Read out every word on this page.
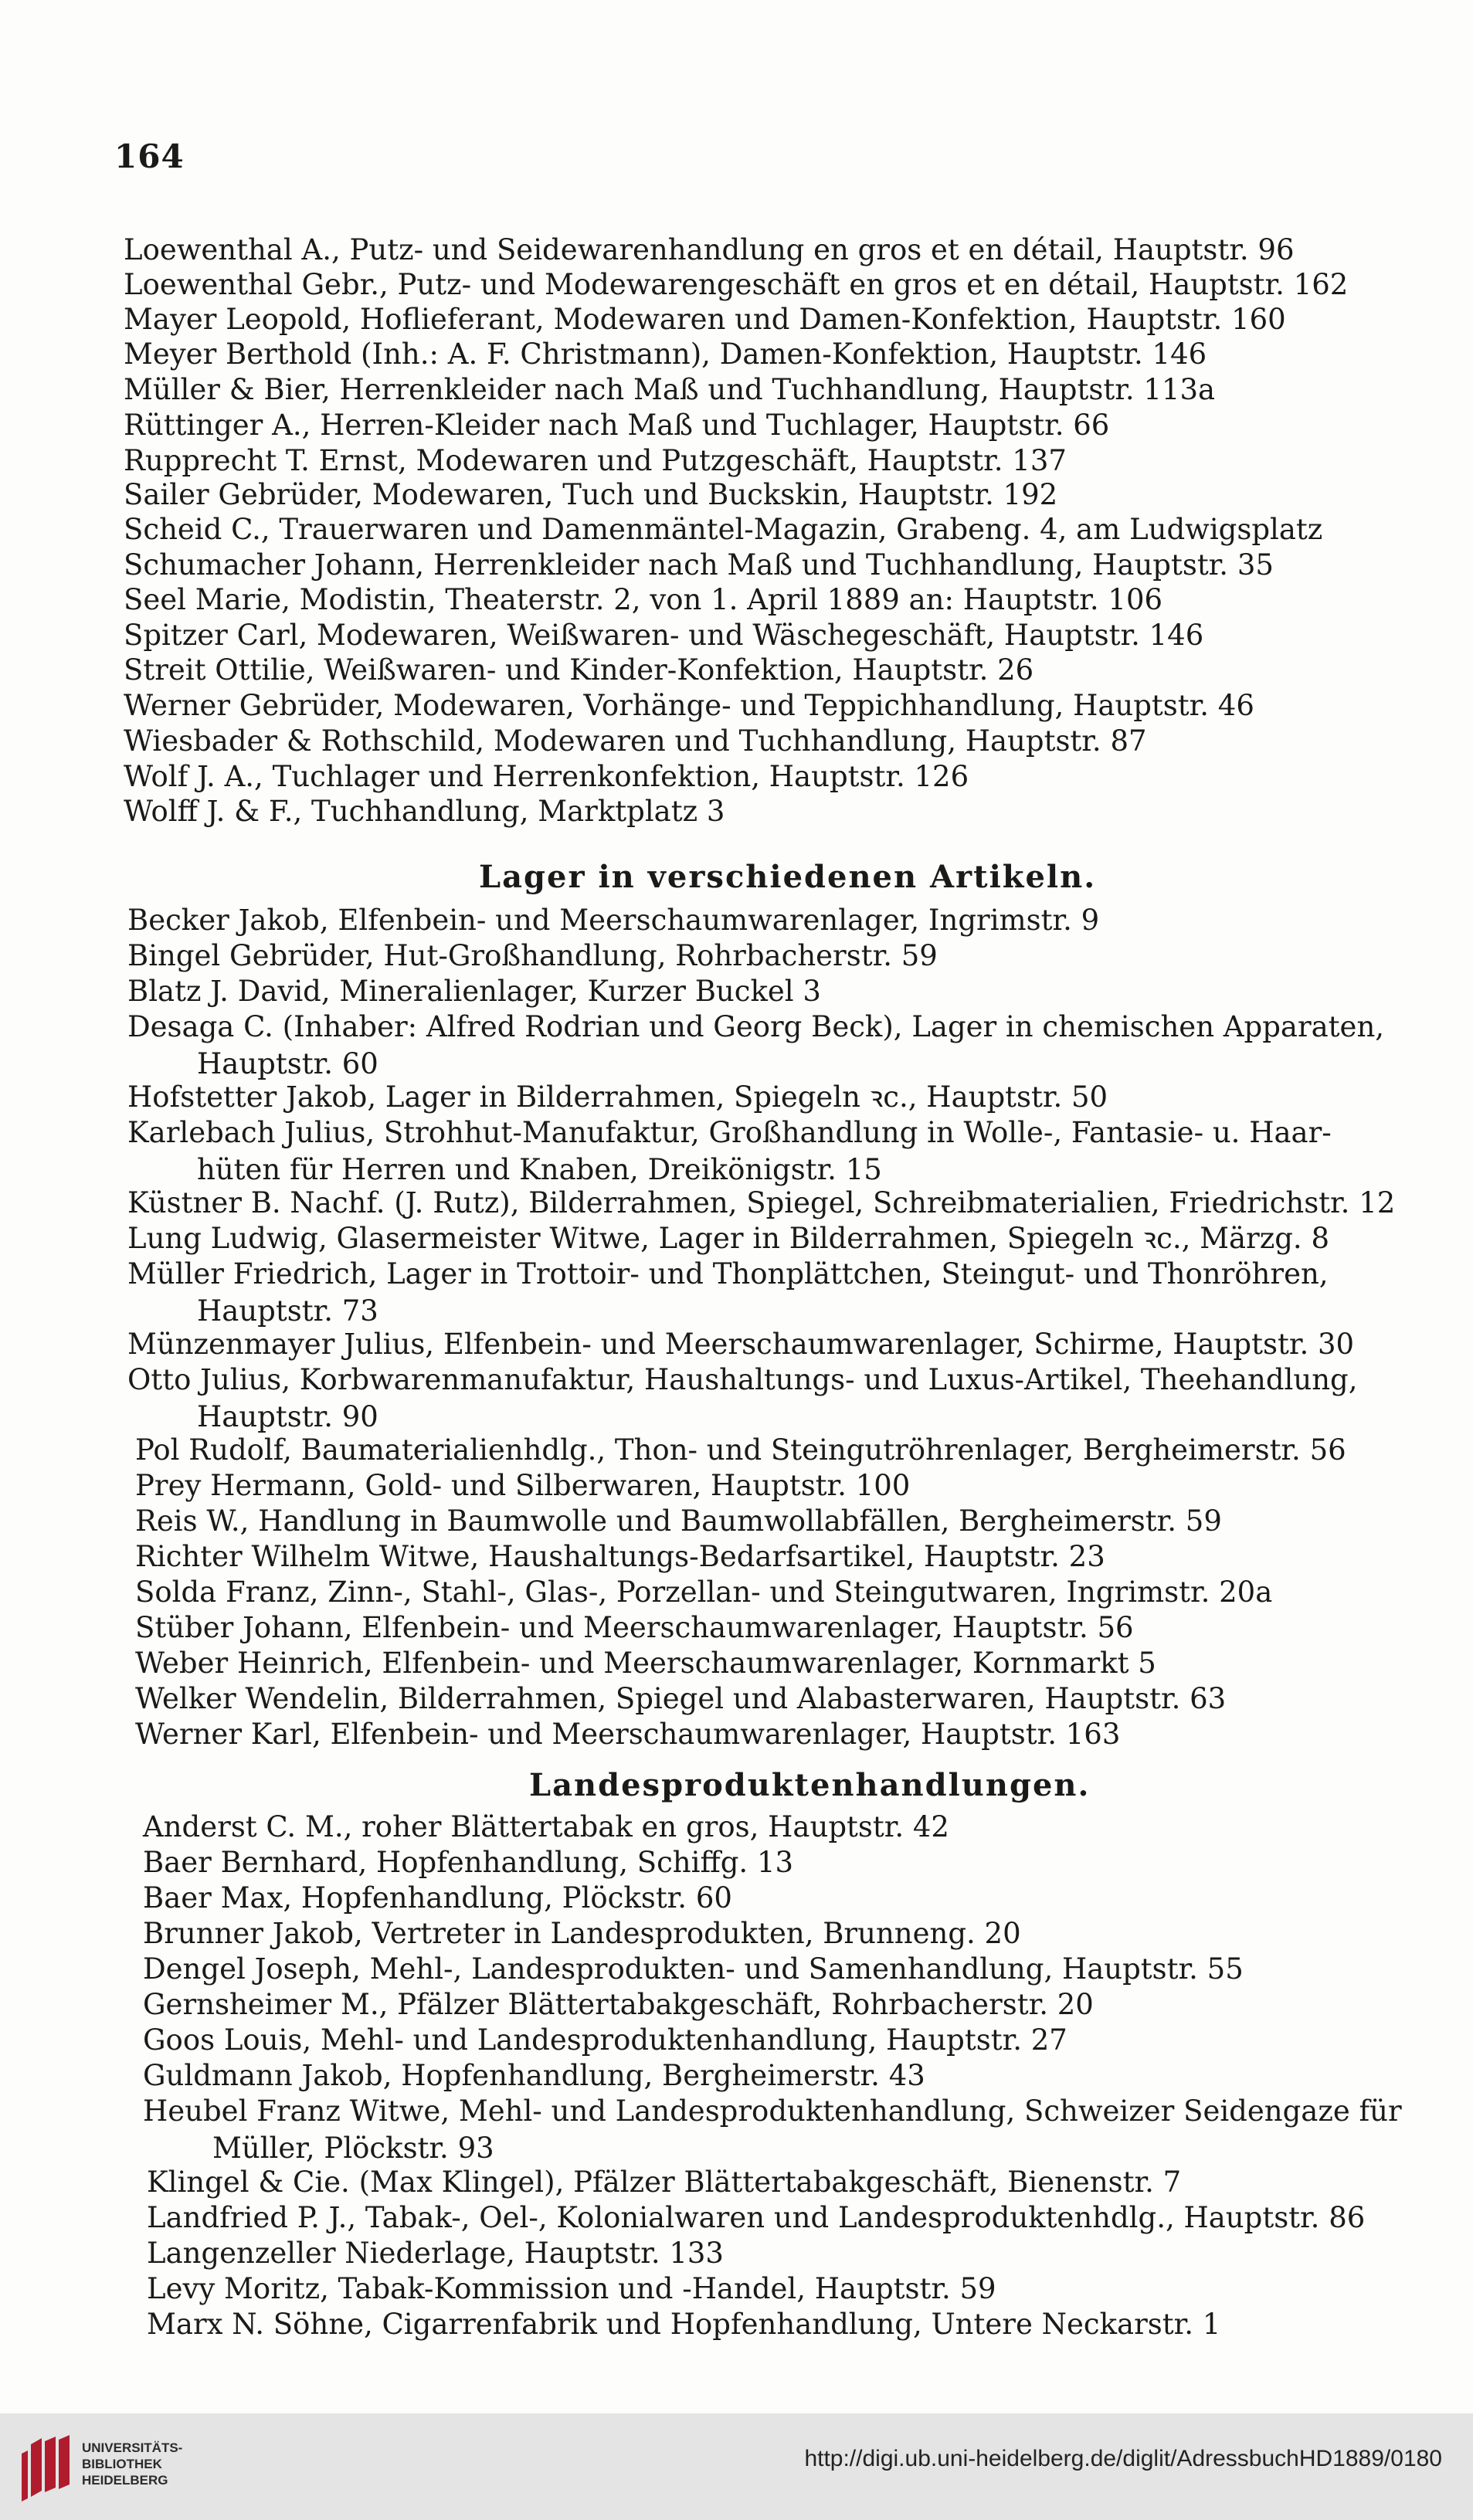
164
Loewenthal A., Putz- und Seidewarenhandlung en gros et en détail, Hauptstr. 96
Loewenthal Gebr., Putz- und Modewarengeschäft en gros et en détail, Hauptstr. 162
Mayer Leopold, Hoflieferant, Modewaren und Damen-Konfektion, Hauptstr. 160
Meyer Berthold (Inh.: A. F. Christmann), Damen-Konfektion, Hauptstr. 146
Müller & Bier, Herrenkleider nach Maß und Tuchhandlung, Hauptstr. 113a
Rüttinger A., Herren-Kleider nach Maß und Tuchlager, Hauptstr. 66
Rupprecht T. Ernst, Modewaren und Putzgeschäft, Hauptstr. 137
Sailer Gebrüder, Modewaren, Tuch und Buckskin, Hauptstr. 192
Scheid C., Trauerwaren und Damenmäntel-Magazin, Grabeng. 4, am Ludwigsplatz
Schumacher Johann, Herrenkleider nach Maß und Tuchhandlung, Hauptstr. 35
Seel Marie, Modistin, Theaterstr. 2, von 1. April 1889 an: Hauptstr. 106
Spitzer Carl, Modewaren, Weißwaren- und Wäschegeschäft, Hauptstr. 146
Streit Ottilie, Weißwaren- und Kinder-Konfektion, Hauptstr. 26
Werner Gebrüder, Modewaren, Vorhänge- und Teppichhandlung, Hauptstr. 46
Wiesbader & Rothschild, Modewaren und Tuchhandlung, Hauptstr. 87
Wolf J. A., Tuchlager und Herrenkonfektion, Hauptstr. 126
Wolff J. & F., Tuchhandlung, Marktplatz 3
Lager in verschiedenen Artikeln.
Becker Jakob, Elfenbein- und Meerschaumwarenlager, Ingrimstr. 9
Bingel Gebrüder, Hut-Großhandlung, Rohrbacherstr. 59
Blatz J. David, Mineralienlager, Kurzer Buckel 3
Desaga C. (Inhaber: Alfred Rodrian und Georg Beck), Lager in chemischen Apparaten,
Hauptstr. 60
Hofstetter Jakob, Lager in Bilderrahmen, Spiegeln ꝛc., Hauptstr. 50
Karlebach Julius, Strohhut-Manufaktur, Großhandlung in Wolle-, Fantasie- u. Haar-
hüten für Herren und Knaben, Dreikönigstr. 15
Küstner B. Nachf. (J. Rutz), Bilderrahmen, Spiegel, Schreibmaterialien, Friedrichstr. 12
Lung Ludwig, Glasermeister Witwe, Lager in Bilderrahmen, Spiegeln ꝛc., Märzg. 8
Müller Friedrich, Lager in Trottoir- und Thonplättchen, Steingut- und Thonröhren,
Hauptstr. 73
Münzenmayer Julius, Elfenbein- und Meerschaumwarenlager, Schirme, Hauptstr. 30
Otto Julius, Korbwarenmanufaktur, Haushaltungs- und Luxus-Artikel, Theehandlung,
Hauptstr. 90
Pol Rudolf, Baumaterialienhdlg., Thon- und Steingutröhrenlager, Bergheimerstr. 56
Prey Hermann, Gold- und Silberwaren, Hauptstr. 100
Reis W., Handlung in Baumwolle und Baumwollabfällen, Bergheimerstr. 59
Richter Wilhelm Witwe, Haushaltungs-Bedarfsartikel, Hauptstr. 23
Solda Franz, Zinn-, Stahl-, Glas-, Porzellan- und Steingutwaren, Ingrimstr. 20a
Stüber Johann, Elfenbein- und Meerschaumwarenlager, Hauptstr. 56
Weber Heinrich, Elfenbein- und Meerschaumwarenlager, Kornmarkt 5
Welker Wendelin, Bilderrahmen, Spiegel und Alabasterwaren, Hauptstr. 63
Werner Karl, Elfenbein- und Meerschaumwarenlager, Hauptstr. 163
Landesproduktenhandlungen.
Anderst C. M., roher Blättertabak en gros, Hauptstr. 42
Baer Bernhard, Hopfenhandlung, Schiffg. 13
Baer Max, Hopfenhandlung, Plöckstr. 60
Brunner Jakob, Vertreter in Landesprodukten, Brunneng. 20
Dengel Joseph, Mehl-, Landesprodukten- und Samenhandlung, Hauptstr. 55
Gernsheimer M., Pfälzer Blättertabakgeschäft, Rohrbacherstr. 20
Goos Louis, Mehl- und Landesproduktenhandlung, Hauptstr. 27
Guldmann Jakob, Hopfenhandlung, Bergheimerstr. 43
Heubel Franz Witwe, Mehl- und Landesproduktenhandlung, Schweizer Seidengaze für
Müller, Plöckstr. 93
Klingel & Cie. (Max Klingel), Pfälzer Blättertabakgeschäft, Bienenstr. 7
Landfried P. J., Tabak-, Oel-, Kolonialwaren und Landesproduktenhdlg., Hauptstr. 86
Langenzeller Niederlage, Hauptstr. 133
Levy Moritz, Tabak-Kommission und -Handel, Hauptstr. 59
Marx N. Söhne, Cigarrenfabrik und Hopfenhandlung, Untere Neckarstr. 1
UNIVERSITÄTS-
BIBLIOTHEK
HEIDELBERG
http://digi.ub.uni-heidelberg.de/diglit/AdressbuchHD1889/0180
